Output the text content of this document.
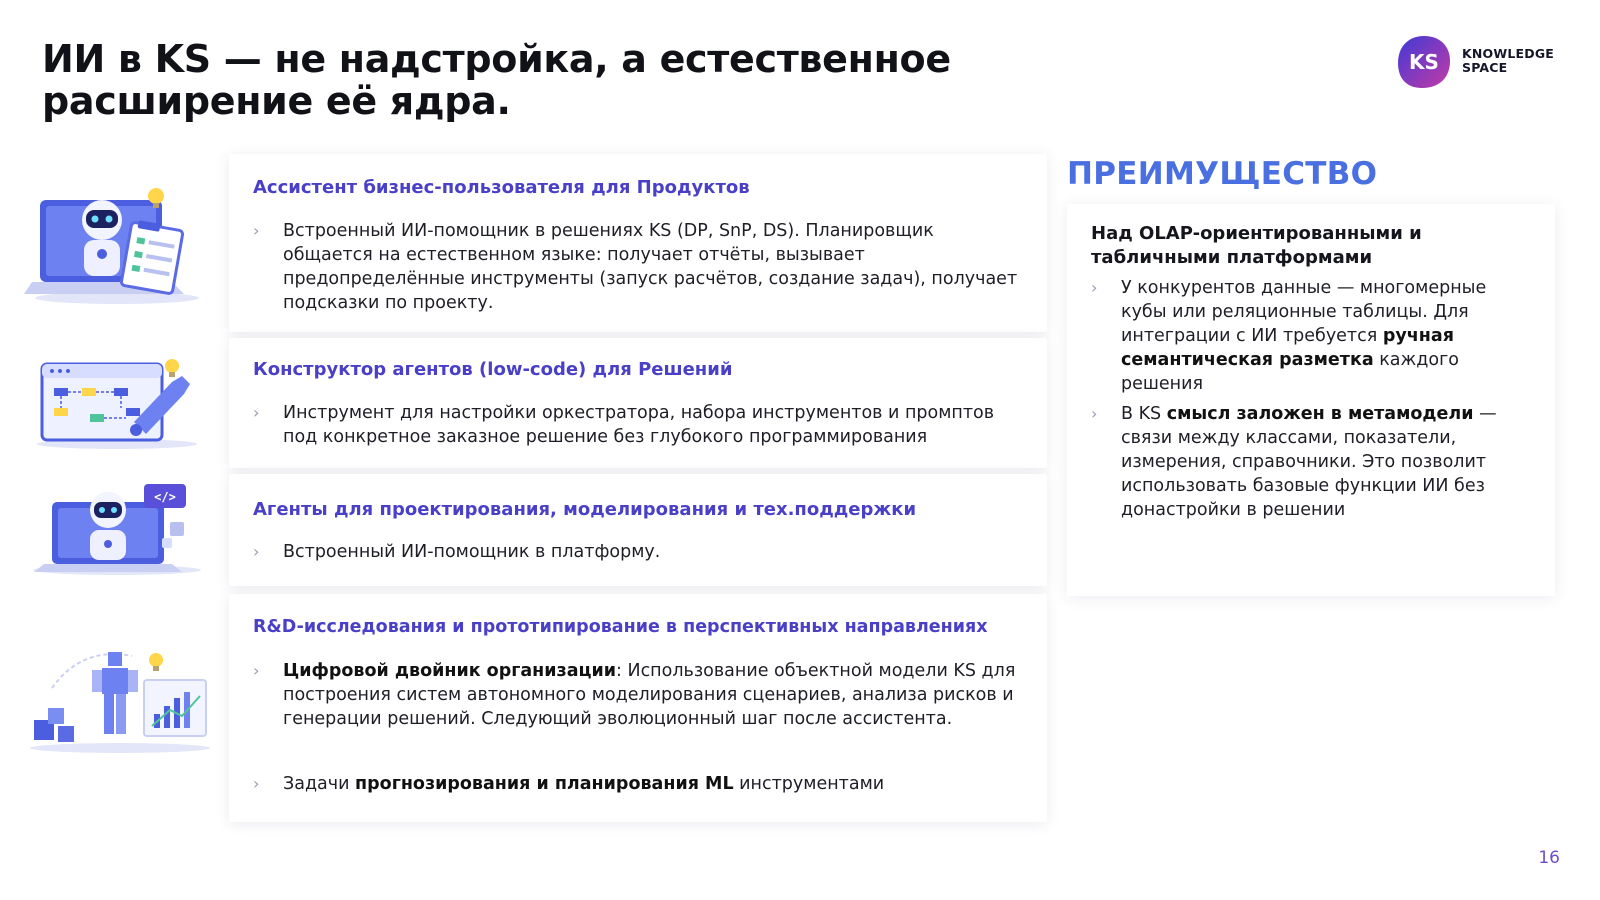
ИИ в KS — не надстройка, а естественное расширение её ядра.
KS KNOWLEDGE
SPACE
</>
Ассистент бизнес-пользователя для Продуктов
›	Встроенный ИИ-помощник в решениях KS (DP, SnP, DS). Планировщик общается на естественном языке: получает отчёты, вызывает предопределённые инструменты (запуск расчётов, создание задач), получает подсказки по проекту.
Конструктор агентов (low-code) для Решений
›	Инструмент для настройки оркестратора, набора инструментов и промптов под конкретное заказное решение без глубокого программирования
Агенты для проектирования, моделирования и тех.поддержки
›	Встроенный ИИ-помощник в платформу.
R&D-исследования и прототипирование в перспективных направлениях
›	Цифровой двойник организации: Использование объектной модели KS для построения систем автономного моделирования сценариев, анализа рисков и генерации решений. Следующий эволюционный шаг после ассистента.
›	Задачи прогнозирования и планирования ML инструментами
ПРЕИМУЩЕСТВО
Над OLAP-ориентированными и табличными платформами
› У конкурентов данные — многомерные кубы или реляционные таблицы. Для интеграции с ИИ требуется ручная семантическая разметка каждого решения
› В KS смысл заложен в метамодели — связи между классами, показатели, измерения, справочники. Это позволит использовать базовые функции ИИ без донастройки в решении
16
